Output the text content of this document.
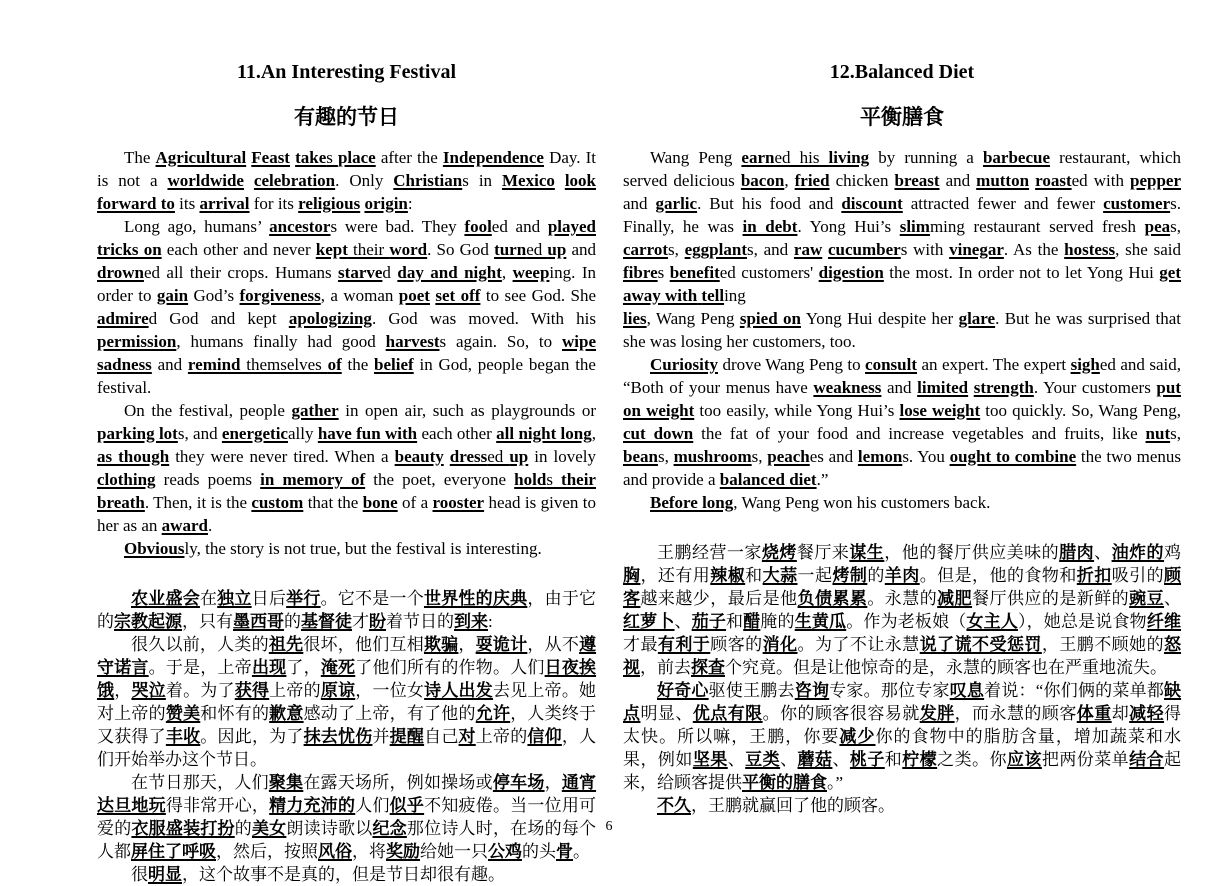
11.An Interesting Festival
有趣的节日

The Agricultural Feast takes place after the Independence Day. It is not a worldwide celebration. Only Christians in Mexico look forward to its arrival for its religious origin:

Long ago, humans’ ancestors were bad. They fooled and played tricks on each other and never kept their word. So God turned up and drowned all their crops. Humans starved day and night, weeping. In order to gain God’s forgiveness, a woman poet set off to see God. She admired God and kept apologizing. God was moved. With his permission, humans finally had good harvests again. So, to wipe sadness and remind themselves of the belief in God, people began the festival.

On the festival, people gather in open air, such as playgrounds or parking lots, and energetically have fun with each other all night long, as though they were never tired. When a beauty dressed up in lovely clothing reads poems in memory of the poet, everyone holds their breath. Then, it is the custom that the bone of a rooster head is given to her as an award.

Obviously, the story is not true, but the festival is interesting.

农业盛会在独立日后举行。它不是一个世界性的庆典，由于它的宗教起源，只有墨西哥的基督徒才盼着节日的到来:

很久以前，人类的祖先很坏，他们互相欺骗，耍诡计，从不遵守诺言。于是，上帝出现了，淹死了他们所有的作物。人们日夜挨饿，哭泣着。为了获得上帝的原谅，一位女诗人出发去见上帝。她对上帝的赞美和怀有的歉意感动了上帝，有了他的允许，人类终于又获得了丰收。因此，为了抹去忧伤并提醒自己对上帝的信仰，人们开始举办这个节日。

在节日那天，人们聚集在露天场所，例如操场或停车场，通宵达旦地玩得非常开心，精力充沛的人们似乎不知疲倦。当一位用可爱的衣服盛装打扮的美女朗读诗歌以纪念那位诗人时，在场的每个人都屏住了呼吸，然后，按照风俗，将奖励给她一只公鸡的头骨。

很明显，这个故事不是真的，但是节日却很有趣。

12.Balanced Diet
平衡膳食

Wang Peng earned his living by running a barbecue restaurant, which served delicious bacon, fried chicken breast and mutton roasted with pepper and garlic. But his food and discount attracted fewer and fewer customers. Finally, he was in debt. Yong Hui’s slimming restaurant served fresh peas, carrots, eggplants, and raw cucumbers with vinegar. As the hostess, she said fibres benefited customers' digestion the most. In order not to let Yong Hui get away with telling
lies, Wang Peng spied on Yong Hui despite her glare. But he was surprised that she was losing her customers, too.

Curiosity drove Wang Peng to consult an expert. The expert sighed and said, “Both of your menus have weakness and limited strength. Your customers put on weight too easily, while Yong Hui’s lose weight too quickly. So, Wang Peng, cut down the fat of your food and increase vegetables and fruits, like nuts, beans, mushrooms, peaches and lemons. You ought to combine the two menus and provide a balanced diet.”

Before long, Wang Peng won his customers back.

王鹏经营一家烧烤餐厅来谋生，他的餐厅供应美味的腊肉、油炸的鸡胸，还有用辣椒和大蒜一起烤制的羊肉。但是，他的食物和折扣吸引的顾客越来越少，最后是他负债累累。永慧的减肥餐厅供应的是新鲜的豌豆、红萝卜、茄子和醋腌的生黄瓜。作为老板娘（女主人），她总是说食物纤维才最有利于顾客的消化。为了不让永慧说了谎不受惩罚，王鹏不顾她的怒视，前去探查个究竟。但是让他惊奇的是，永慧的顾客也在严重地流失。

好奇心驱使王鹏去咨询专家。那位专家叹息着说：“你们俩的菜单都缺点明显、优点有限。你的顾客很容易就发胖，而永慧的顾客体重却减轻得太快。所以嘛，王鹏，你要减少你的食物中的脂肪含量，增加蔬菜和水果，例如坚果、豆类、蘑菇、桃子和柠檬之类。你应该把两份菜单结合起来，给顾客提供平衡的膳食。”

不久，王鹏就赢回了他的顾客。

6
